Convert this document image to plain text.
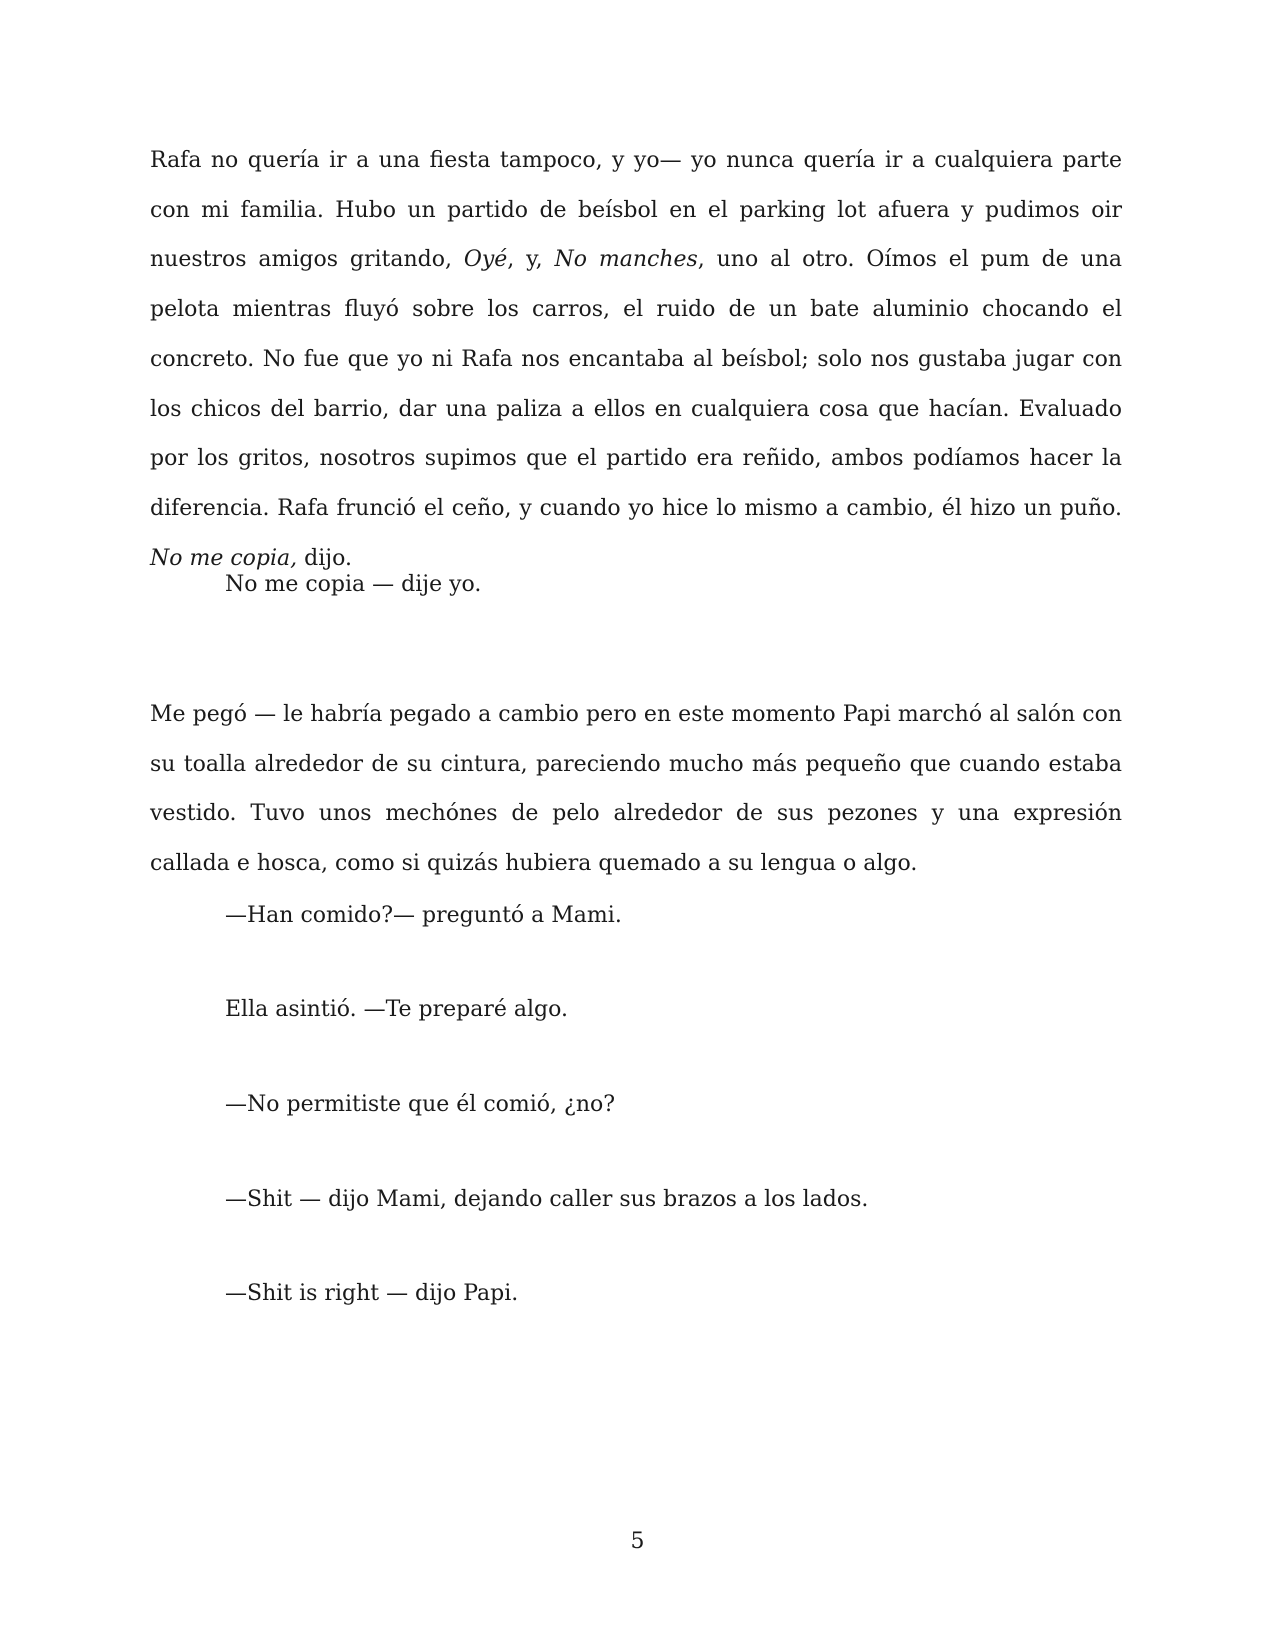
Rafa no quería ir a una fiesta tampoco, y yo— yo nunca quería ir a cualquiera parte con mi familia. Hubo un partido de beísbol en el parking lot afuera y pudimos oir nuestros amigos gritando, Oyé, y, No manches, uno al otro. Oímos el pum de una pelota mientras fluyó sobre los carros, el ruido de un bate aluminio chocando el concreto. No fue que yo ni Rafa nos encantaba al beísbol; solo nos gustaba jugar con los chicos del barrio, dar una paliza a ellos en cualquiera cosa que hacían. Evaluado por los gritos, nosotros supimos que el partido era reñido, ambos podíamos hacer la diferencia. Rafa frunció el ceño, y cuando yo hice lo mismo a cambio, él hizo un puño. No me copia, dijo.

No me copia — dije yo.

Me pegó — le habría pegado a cambio pero en este momento Papi marchó al salón con su toalla alrededor de su cintura, pareciendo mucho más pequeño que cuando estaba vestido. Tuvo unos mechónes de pelo alrededor de sus pezones y una expresión callada e hosca, como si quizás hubiera quemado a su lengua o algo.

—Han comido?— preguntó a Mami.

Ella asintió. —Te preparé algo.

—No permitiste que él comió, ¿no?

—Shit — dijo Mami, dejando caller sus brazos a los lados.

—Shit is right — dijo Papi.

5
